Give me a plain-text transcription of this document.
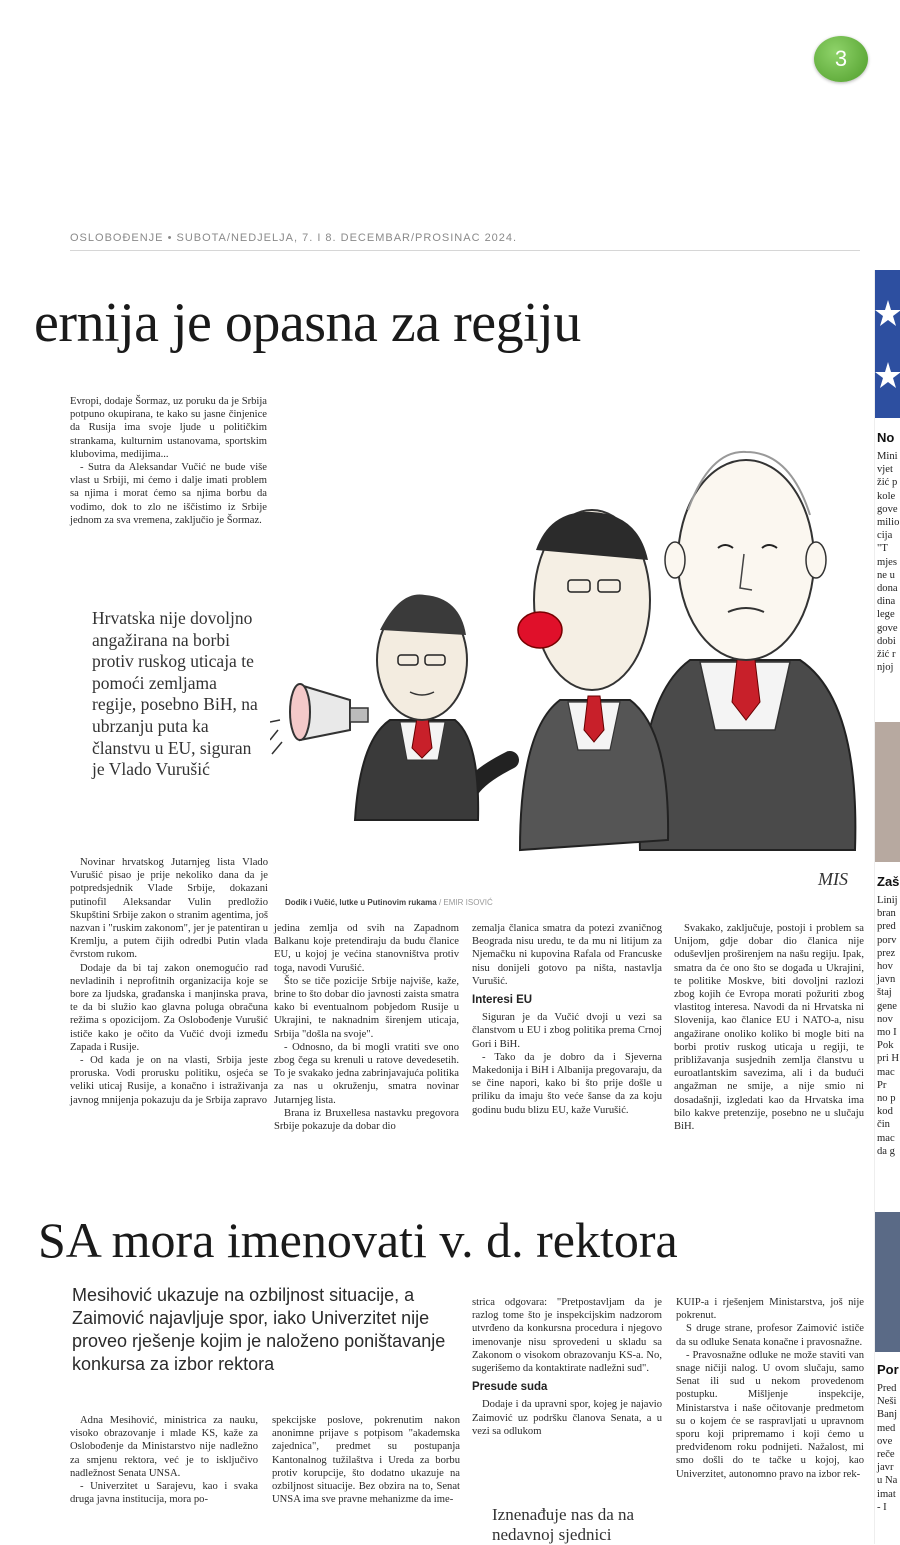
3
OSLOBOĐENJE • SUBOTA/NEDJELJA, 7. I 8. DECEMBAR/PROSINAC 2024.
ernija je opasna za regiju

Evropi, dodaje Šormaz, uz poruku da je Srbija potpuno okupirana, te kako su jasne činjenice da Rusija ima svoje ljude u političkim strankama, kulturnim ustanovama, sportskim klubovima, medijima...

- Sutra da Aleksandar Vučić ne bude više vlast u Srbiji, mi ćemo i dalje imati problem sa njima i morat ćemo sa njima borbu da vodimo, dok to zlo ne iščistimo iz Srbije jednom za sva vremena, zaključio je Šormaz.

Hrvatska nije dovoljno angažirana na borbi protiv ruskog uticaja te pomoći zemljama regije, posebno BiH, na ubrzanju puta ka članstvu u EU, siguran je Vlado Vurušić
MIS
Dodik i Vučić, lutke u Putinovim rukama / EMIR ISOVIĆ

Novinar hrvatskog Jutarnjeg lista Vlado Vurušić pisao je prije nekoliko dana da je potpredsjednik Vlade Srbije, dokazani putinofil Aleksandar Vulin predložio Skupštini Srbije zakon o stranim agentima, još nazvan i "ruskim zakonom", jer je patentiran u Kremlju, a putem čijih odredbi Putin vlada čvrstom rukom.

Dodaje da bi taj zakon onemogućio rad nevladinih i neprofitnih organizacija koje se bore za ljudska, građanska i manjinska prava, te da bi služio kao glavna poluga obračuna režima s opozicijom. Za Oslobođenje Vurušić ističe kako je očito da Vučić dvoji između Zapada i Rusije.

- Od kada je on na vlasti, Srbija jeste proruska. Vodi prorusku politiku, osjeća se veliki uticaj Rusije, a konačno i istraživanja javnog mnijenja pokazuju da je Srbija zapravo

jedina zemlja od svih na Zapadnom Balkanu koje pretendiraju da budu članice EU, u kojoj je većina stanovništva protiv toga, navodi Vurušić.

Što se tiče pozicije Srbije najviše, kaže, brine to što dobar dio javnosti zaista smatra kako bi eventualnom pobjedom Rusije u Ukrajini, te naknadnim širenjem uticaja, Srbija "došla na svoje".

- Odnosno, da bi mogli vratiti sve ono zbog čega su krenuli u ratove devedesetih. To je svakako jedna zabrinjavajuća politika za nas u okruženju, smatra novinar Jutarnjeg lista.

Brana iz Bruxellesa nastavku pregovora Srbije pokazuje da dobar dio

zemalja članica smatra da potezi zvaničnog Beograda nisu uredu, te da mu ni litijum za Njemačku ni kupovina Rafala od Francuske nisu donijeli gotovo pa ništa, nastavlja Vurušić.

Interesi EU

Siguran je da Vučić dvoji u vezi sa članstvom u EU i zbog politika prema Crnoj Gori i BiH.

- Tako da je dobro da i Sjeverna Makedonija i BiH i Albanija pregovaraju, da se čine napori, kako bi što prije došle u priliku da imaju što veće šanse da za koju godinu budu blizu EU, kaže Vurušić.

Svakako, zaključuje, postoji i problem sa Unijom, gdje dobar dio članica nije oduševljen proširenjem na našu regiju. Ipak, smatra da će ono što se događa u Ukrajini, te politike Moskve, biti dovoljni razlozi zbog kojih će Evropa morati požuriti zbog vlastitog interesa. Navodi da ni Hrvatska ni Slovenija, kao članice EU i NATO-a, nisu angažirane onoliko koliko bi mogle biti na borbi protiv ruskog uticaja u regiji, te približavanja susjednih zemlja članstvu u euroatlantskim savezima, ali i da budući angažman ne smije, a nije smio ni dosadašnji, izgledati kao da Hrvatska ima bilo kakve pretenzije, posebno ne u slučaju BiH.

SA mora imenovati v. d. rektora
Mesihović ukazuje na ozbiljnost situacije, a Zaimović najavljuje spor, iako Univerzitet nije proveo rješenje kojim je naloženo poništavanje konkursa za izbor rektora

Adna Mesihović, ministrica za nauku, visoko obrazovanje i mlade KS, kaže za Oslobođenje da Ministarstvo nije nadležno za smjenu rektora, već je to isključivo nadležnost Senata UNSA.

- Univerzitet u Sarajevu, kao i svaka druga javna institucija, mora po-

spekcijske poslove, pokrenutim nakon anonimne prijave s potpisom "akademska zajednica", predmet su postupanja Kantonalnog tužilaštva i Ureda za borbu protiv korupcije, što dodatno ukazuje na ozbiljnost situacije. Bez obzira na to, Senat UNSA ima sve pravne mehanizme da ime-

strica odgovara: "Pretpostavljam da je razlog tome što je inspekcijskim nadzorom utvrđeno da konkursna procedura i njegovo imenovanje nisu sprovedeni u skladu sa Zakonom o visokom obrazovanju KS-a. No, sugerišemo da kontaktirate nadležni sud".

Presude suda

Dodaje i da upravni spor, kojeg je najavio Zaimović uz podršku članova Senata, a u vezi sa odlukom

Iznenađuje nas da na nedavnoj sjednici

KUIP-a i rješenjem Ministarstva, još nije pokrenut.

S druge strane, profesor Zaimović ističe da su odluke Senata konačne i pravosnažne.

- Pravosnažne odluke ne može staviti van snage ničiji nalog. U ovom slučaju, samo Senat ili sud u nekom provedenom postupku. Mišljenje inspekcije, Ministarstva i naše očitovanje predmetom su o kojem će se raspravljati u upravnom sporu koji pripremamo i koji ćemo u predviđenom roku podnijeti. Nažalost, mi smo došli do te tačke u kojoj, kao Univerzitet, autonomno pravo na izbor rek-

No
Mini
vjet
žić p
kole
gove
milio
cija
"T
mjes
ne u
dona
dina
lege
gove
dobi
žić r
njoj
Zaš
Linij
bran
pred
porv
prez
hov
javn
štaj
gene
nov
mo I
Pok
pri H
mac
Pr
no p
kod
čin
mac
da g
Por
Pred
Neši
Banj
med
ove
reče
javr
u Na
imat
- I
